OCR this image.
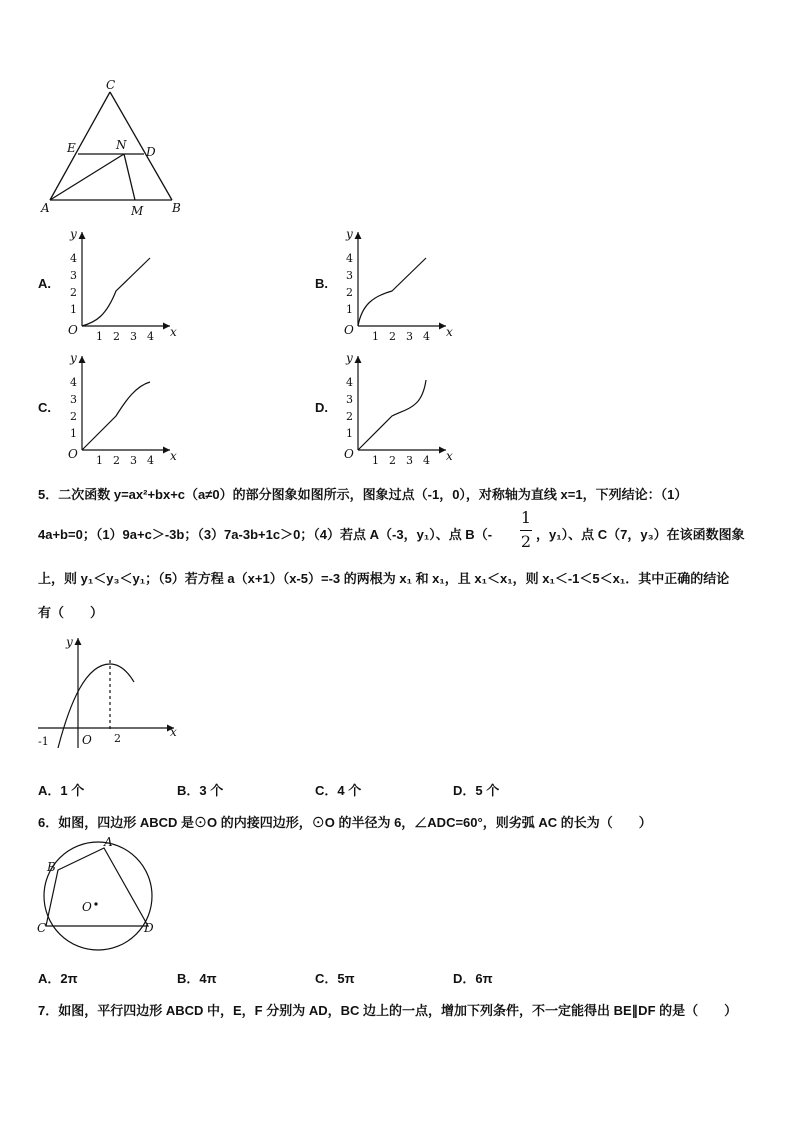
C
E	N D
A	M B
A.	B.
C.	D.
y
x
O 1 2 3 4
1
2
3
4
y
x
O 1 2 3 4
1
2
3
4
y
x
O 1 2 3 4
1
2
3
4
y
x
O 1 2 3 4
1
2
3
4
5．二次函数 y=ax²+bx+c（a≠0）的部分图象如图所示，图象过点（-1，0），对称轴为直线 x=1，下列结论：（1）
4a+b=0；（1）9a+c＞-3b；（3）7a-3b+1c＞0；（4）若点 A（-3，y₁）、点 B（-
1
2 ，y₁）、点 C（7，y₃）在该函数图象
上，则 y₁＜y₃＜y₁；（5）若方程 a（x+1）（x-5）=-3 的两根为 x₁ 和 x₁，且 x₁＜x₁，则 x₁＜-1＜5＜x₁．其中正确的结论
有（　　）
y
x
O
-1	2
A．1 个	B．3 个	C．4 个	D．5 个
6．如图，四边形 ABCD 是⊙O 的内接四边形，⊙O 的半径为 6，∠ADC=60°，则劣弧 AC 的长为（　　）
A
B
C	D
O
A．2π	B．4π	C．5π	D．6π
7．如图，平行四边形 ABCD 中，E，F 分别为 AD，BC 边上的一点，增加下列条件，不一定能得出 BE∥DF 的是（　　）
